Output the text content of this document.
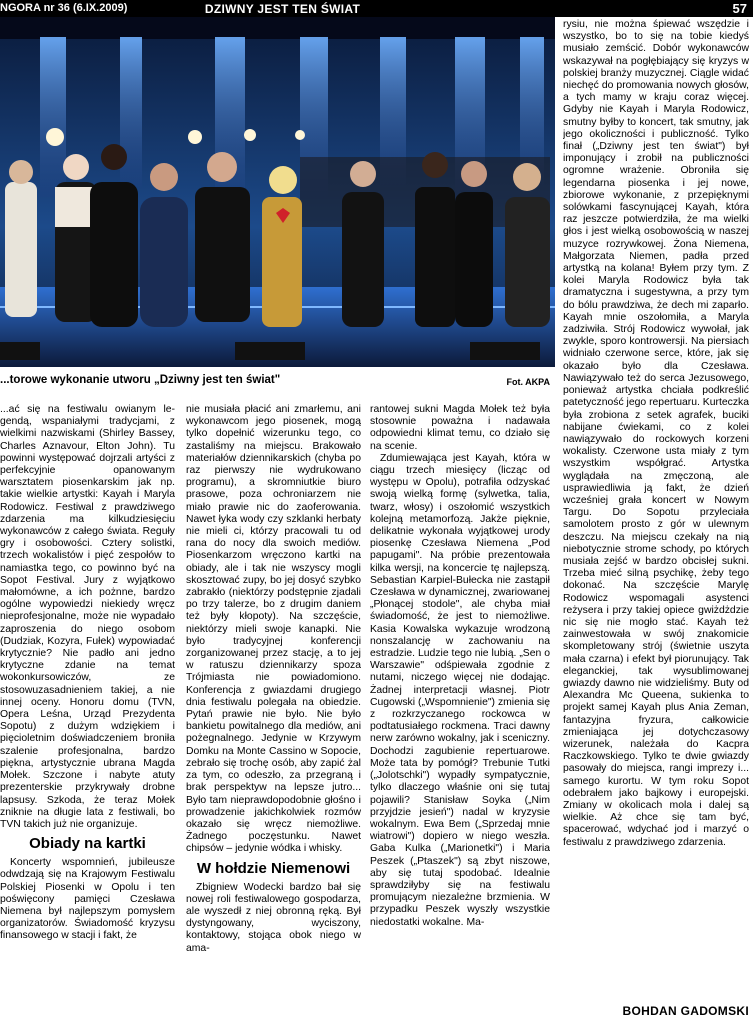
NGORA nr 36 (6.IX.2009)	DZIWNY JEST TEN ŚWIAT	57
...torowe wykonanie utworu „Dziwny jest ten świat"	Fot. AKPA

...ać się na festiwalu owianym le- gendą, wspaniałymi tradycjami, z wielkimi nazwiskami (Shirley Bassey, Charles Aznavour, Elton John). Tu powinni występować dojrzali artyści z perfekcyjnie opanowanym warsztatem piosenkarskim jak np. takie wielkie artystki: Kayah i Maryla Rodowicz. Festiwal z prawdziwego zdarzenia ma kilkudziesięciu wykonawców z całego świata. Reguły gry i osobowości. Cztery solistki, trzech wokalistów i pięć zespołów to namiastka tego, co powinno być na Sopot Festival. Jury z wyjątkowo małomówne, a ich pożnne, bardzo ogólne wypowiedzi niekiedy wręcz nieprofesjonalne, może nie wypadało zaproszenia do niego osobom (Dudziak, Kozyra, Fułek) wypowiadać krytycznie? Nie padło ani jedno krytyczne zdanie na temat wokonkursowiczów, ze stosowuzasadnieniem takiej, a nie innej oceny. Honoru domu (TVN, Opera Leśna, Urząd Prezydenta Sopotu) z dużym wdziękiem i pięcioletnim doświadczeniem broniła szalenie profesjonalna, bardzo piękna, artystycznie ubrana Magda Mołek. Szczone i nabyte atuty prezenterskie przykrywały drobne lapsusy. Szkoda, że teraz Mołek zniknie na długie lata z festiwali, bo TVN takich już nie organizuje.

Obiady na kartki

Koncerty wspomnień, jubileusze odwdzają się na Krajowym Festiwalu Polskiej Piosenki w Opolu i ten poświęcony pamięci Czesława Niemena był najlepszym pomysłem organizatorów. Świadomość kryzysu finansowego w stacji i fakt, że

nie musiała płacić ani zmarłemu, ani wykonawcom jego piosenek, mogą tylko dopełnić wizerunku tego, co zastaliśmy na miejscu. Brakowało materiałów dziennikarskich (chyba po raz pierwszy nie wydrukowano programu), a skromniutkie biuro prasowe, poza ochroniarzem nie miało prawie nic do zaoferowania. Nawet łyka wody czy szklanki herbaty nie mieli ci, którzy pracowali tu od rana do nocy dla swoich mediów. Piosenkarzom wręczono kartki na obiady, ale i tak nie wszyscy mogli skosztować zupy, bo jej dosyć szybko zabrakło (niektórzy podstępnie zjadali po trzy talerze, bo z drugim daniem też były kłopoty). Na szczęście, niektórzy mieli swoje kanapki. Nie było tradycyjnej konferencji zorganizowanej przez stację, a to jej w ratuszu dziennikarzy spoza Trójmiasta nie powiadomiono. Konferencja z gwiazdami drugiego dnia festiwalu polegała na obiedzie. Pytań prawie nie było. Nie było bankietu powitalnego dla mediów, ani pożegnalnego. Jedynie w Krzywym Domku na Monte Cassino w Sopocie, zebrało się trochę osób, aby zapić żal za tym, co odeszło, za przegraną i brak perspektyw na lepsze jutro... Było tam nieprawdopodobnie głośno i prowadzenie jakichkolwiek rozmów okazało się wręcz niemożliwe. Żadnego poczęstunku. Nawet chipsów – jedynie wódka i whisky.

W hołdzie Niemenowi

Zbigniew Wodecki bardzo bał się nowej roli festiwalowego gospodarza, ale wyszedł z niej obronną ręką. Był dystyngowany, wyciszony, kontaktowy, stojąca obok niego w ama-

rantowej sukni Magda Mołek też była stosownie poważna i nadawała odpowiedni klimat temu, co działo się na scenie.

Zdumiewająca jest Kayah, która w ciągu trzech miesięcy (licząc od występu w Opolu), potrafiła odzyskać swoją wielką formę (sylwetka, talia, twarz, włosy) i oszołomić wszystkich kolejną metamorfozą. Jakże pięknie, delikatnie wykonała wyjątkowej urody piosenkę Czesława Niemena „Pod papugami". Na próbie prezentowała kilka wersji, na koncercie tę najlepszą. Sebastian Karpiel-Bułecka nie zastąpił Czesława w dynamicznej, zwariowanej „Płonącej stodole", ale chyba miał świadomość, że jest to niemożliwe. Kasia Kowalska wykazuje wrodzoną nonszalancję w zachowaniu na estradzie. Ludzie tego nie lubią. „Sen o Warszawie" odśpiewała zgodnie z nutami, niczego więcej nie dodając. Żadnej interpretacji własnej. Piotr Cugowski („Wspomnienie") zmienia się z rozkrzyczanego rockowca w podtatusiałego rockmena. Traci dawny nerw zarówno wokalny, jak i sceniczny. Dochodzi zagubienie repertuarowe. Może tata by pomógł? Trebunie Tutki („Jolotschki") wypadły sympatycznie, tylko dlaczego właśnie oni się tutaj pojawili? Stanisław Soyka („Nim przyjdzie jesień") nadal w kryzysie wokalnym. Ewa Bem („Sprzedaj mnie wiatrowi") dopiero w niego weszła. Gaba Kulka („Marionetki") i Maria Peszek („Ptaszek") są zbyt niszowe, aby się tutaj spodobać. Idealnie sprawdziłyby się na festiwalu promującym niezależne brzmienia. W przypadku Peszek wyszły wszystkie niedostatki wokalne. Ma-

rysiu, nie można śpiewać wszędzie i wszystko, bo to się na tobie kiedyś musiało zemścić. Dobór wykonawców wskazywał na pogłębiający się kryzys w polskiej branży muzycznej. Ciągle widać niechęć do promowania nowych głosów, a tych mamy w kraju coraz więcej. Gdyby nie Kayah i Maryla Rodowicz, smutny byłby to koncert, tak smutny, jak jego okoliczności i publiczność. Tylko finał („Dziwny jest ten świat") był imponujący i zrobił na publiczności ogromne wrażenie. Obroniła się legendarna piosenka i jej nowe, zbiorowe wykonanie, z przepięknymi solówkami fascynującej Kayah, która raz jeszcze potwierdziła, że ma wielki głos i jest wielką osobowością w naszej muzyce rozrywkowej. Żona Niemena, Małgorzata Niemen, padła przed artystką na kolana! Byłem przy tym. Z kolei Maryla Rodowicz była tak dramatyczna i sugestywna, a przy tym do bólu prawdziwa, że dech mi zaparło. Kayah mnie oszołomiła, a Maryla zadziwiła. Strój Rodowicz wywołał, jak zwykle, sporo kontrowersji. Na piersiach widniało czerwone serce, które, jak się okazało było dla Czesława. Nawiązywało też do serca Jezusowego, ponieważ artystka chciała podkreślić patetyczność jego repertuaru. Kurteczka była zrobiona z setek agrafek, buciki nabijane ćwiekami, co z kolei nawiązywało do rockowych korzeni wokalisty. Czerwone usta miały z tym wszystkim współgrać. Artystka wyglądała na zmęczoną, ale usprawiedliwia ją fakt, że dzień wcześniej grała koncert w Nowym Targu. Do Sopotu przyleciała samolotem prosto z gór w ulewnym deszczu. Na miejscu czekały na nią niebotycznie strome schody, po których musiała zejść w bardzo obcisłej sukni. Trzeba mieć silną psychikę, żeby tego dokonać. Na szczęście Marylę Rodowicz wspomagali asystenci reżysera i przy takiej opiece gwiżdżdzie nic się nie mogło stać. Kayah też zainwestowała w swój znakomicie skompletowany strój (świetnie uszyta mała czarna) i efekt był piorunujący. Tak eleganckiej, tak wysublimowanej gwiazdy dawno nie widzieliśmy. Buty od Alexandra Mc Queena, sukienka to projekt samej Kayah plus Ania Zeman, fantazyjna fryzura, całkowicie zmieniająca jej dotychczasowy wizerunek, należała do Kacpra Raczkowskiego. Tylko te dwie gwiazdy pasowały do miejsca, rangi imprezy i... samego kurortu. W tym roku Sopot odebrałem jako bajkowy i europejski. Zmiany w okolicach mola i dalej są wielkie. Aż chce się tam być, spacerować, wdychać jod i marzyć o festiwalu z prawdziwego zdarzenia.

BOHDAN GADOMSKI
